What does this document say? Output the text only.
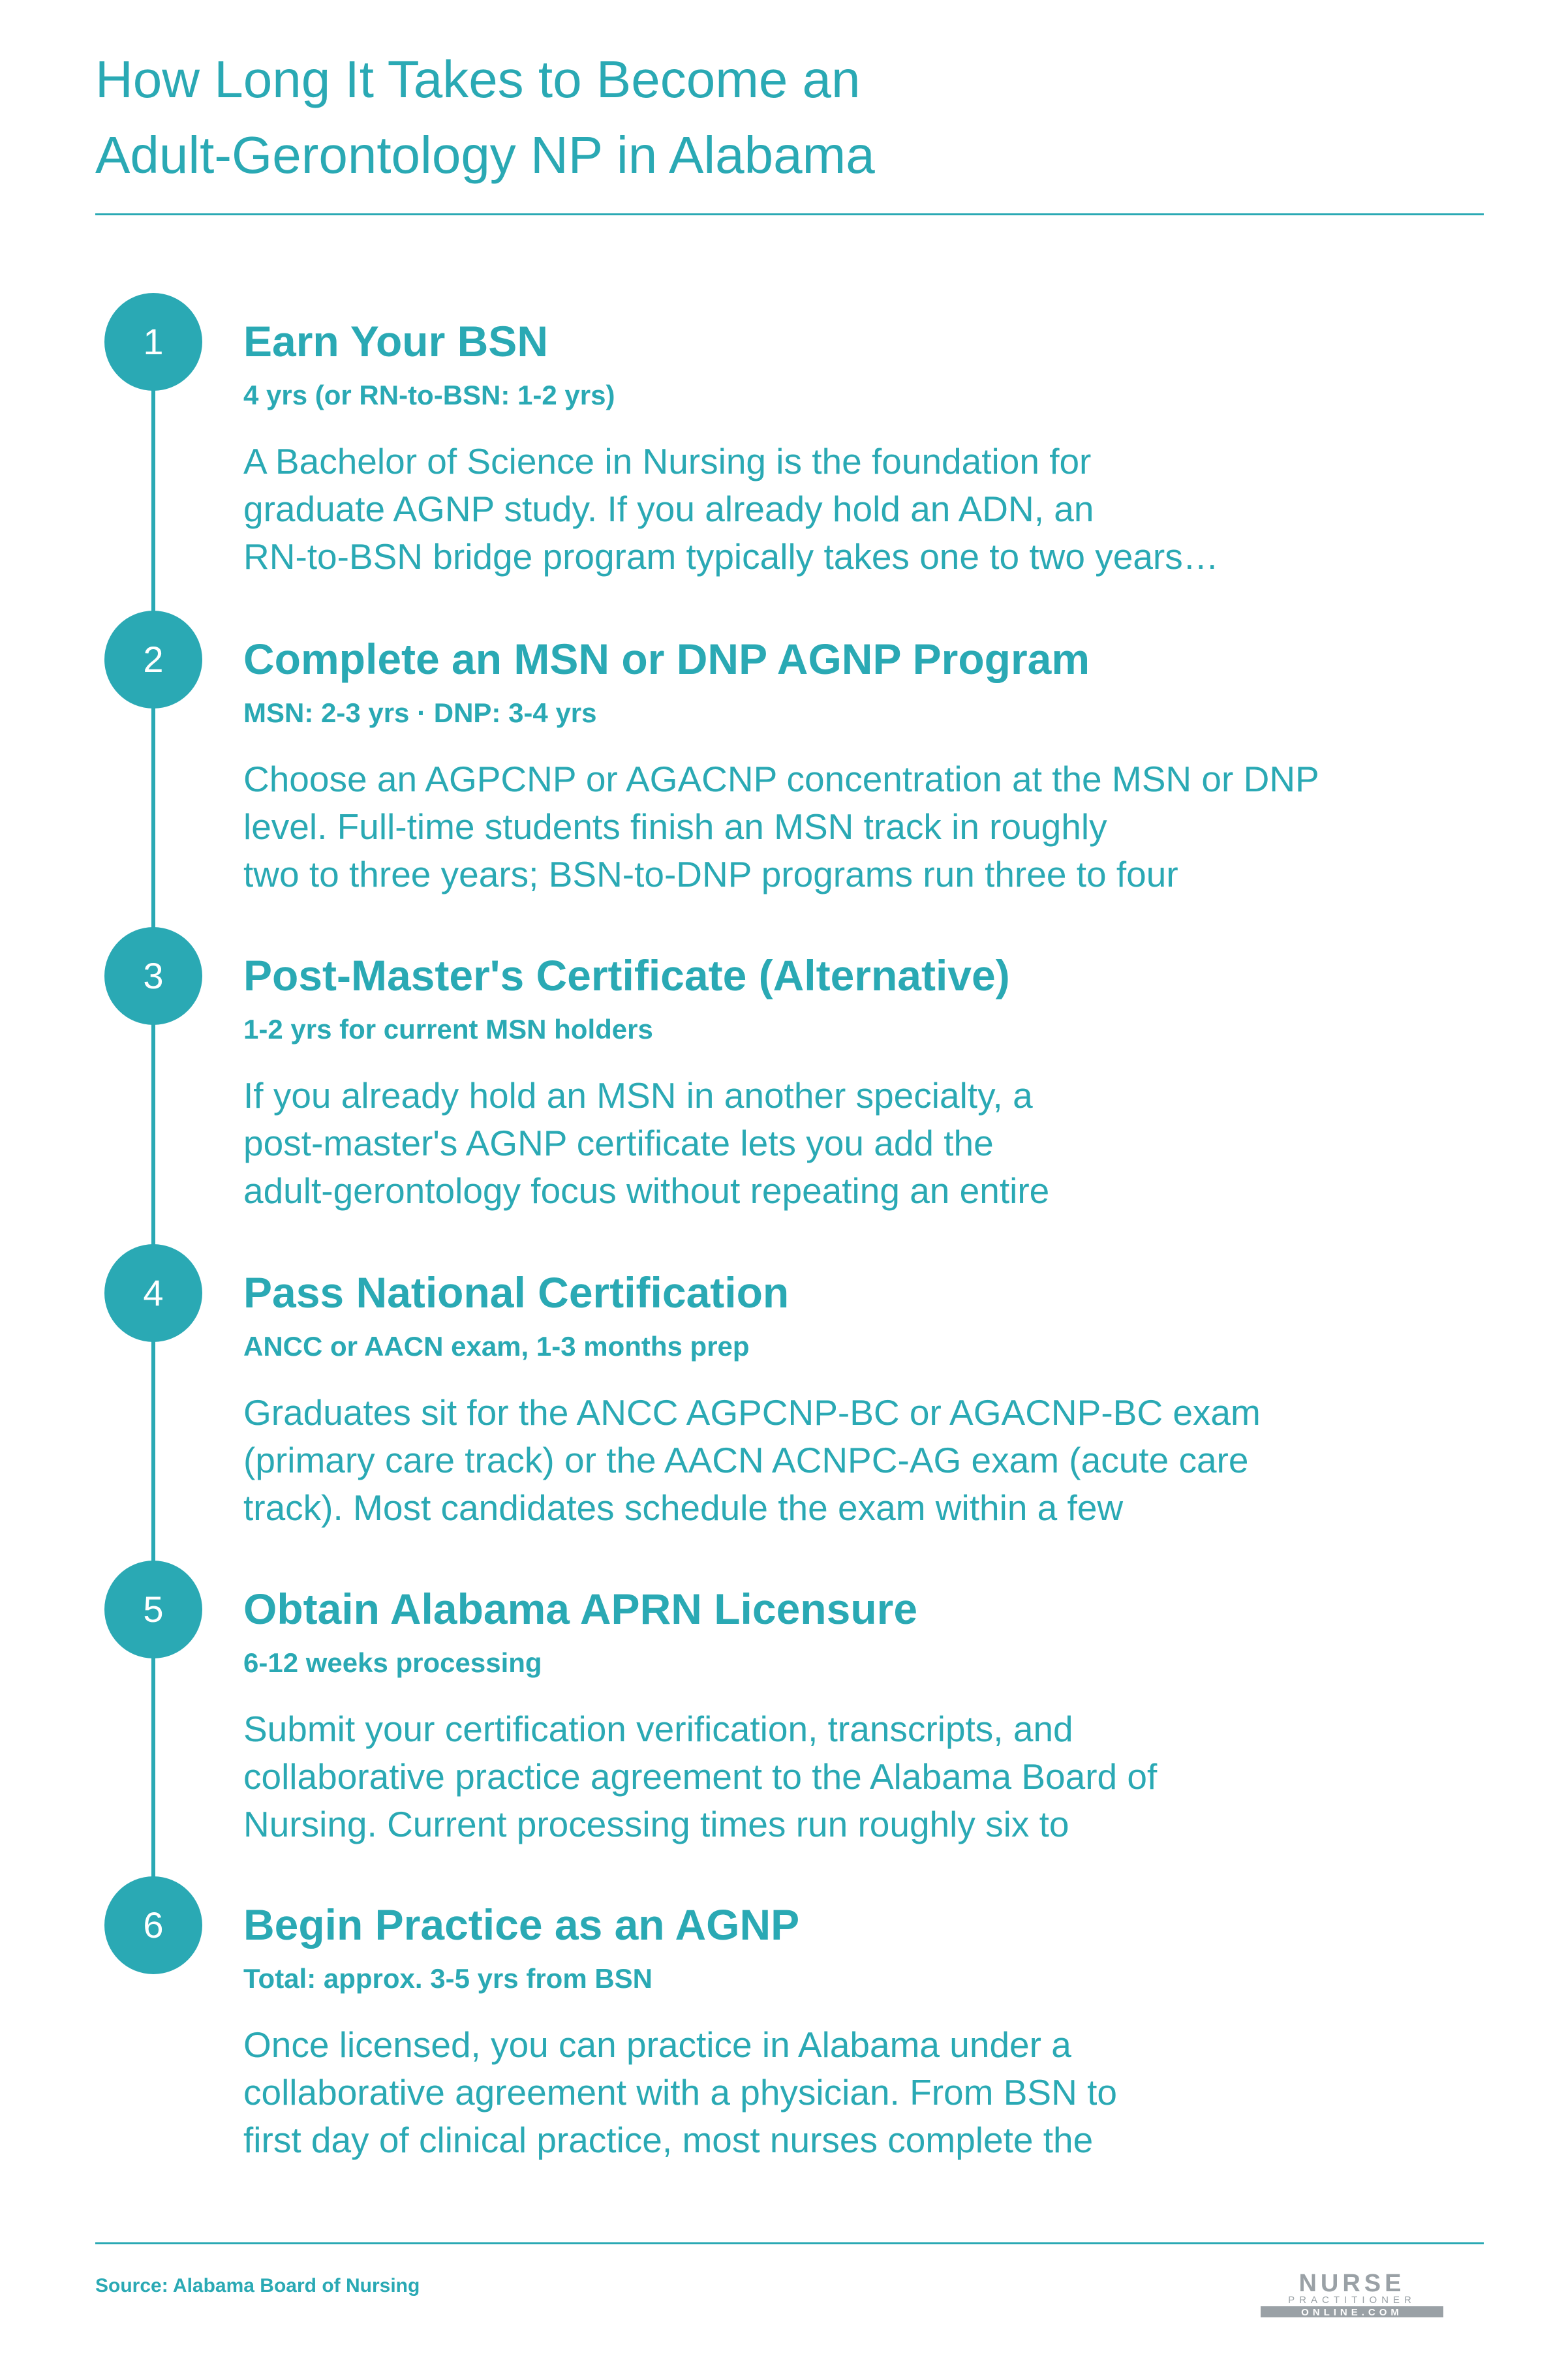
How Long It Takes to Become an
Adult-Gerontology NP in Alabama
1	Earn Your BSN
4 yrs (or RN-to-BSN: 1-2 yrs)
A Bachelor of Science in Nursing is the foundation for
graduate AGNP study. If you already hold an ADN, an
RN-to-BSN bridge program typically takes one to two years…
2	Complete an MSN or DNP AGNP Program
MSN: 2-3 yrs · DNP: 3-4 yrs
Choose an AGPCNP or AGACNP concentration at the MSN or DNP
level. Full-time students finish an MSN track in roughly
two to three years; BSN-to-DNP programs run three to four
3	Post-Master's Certificate (Alternative)
1-2 yrs for current MSN holders
If you already hold an MSN in another specialty, a
post-master's AGNP certificate lets you add the
adult-gerontology focus without repeating an entire
4	Pass National Certification
ANCC or AACN exam, 1-3 months prep
Graduates sit for the ANCC AGPCNP-BC or AGACNP-BC exam
(primary care track) or the AACN ACNPC-AG exam (acute care
track). Most candidates schedule the exam within a few
5	Obtain Alabama APRN Licensure
6-12 weeks processing
Submit your certification verification, transcripts, and
collaborative practice agreement to the Alabama Board of
Nursing. Current processing times run roughly six to
6	Begin Practice as an AGNP
Total: approx. 3-5 yrs from BSN
Once licensed, you can practice in Alabama under a
collaborative agreement with a physician. From BSN to
first day of clinical practice, most nurses complete the
Source: Alabama Board of Nursing	NURSE
PRACTITIONER
ONLINE.COM
